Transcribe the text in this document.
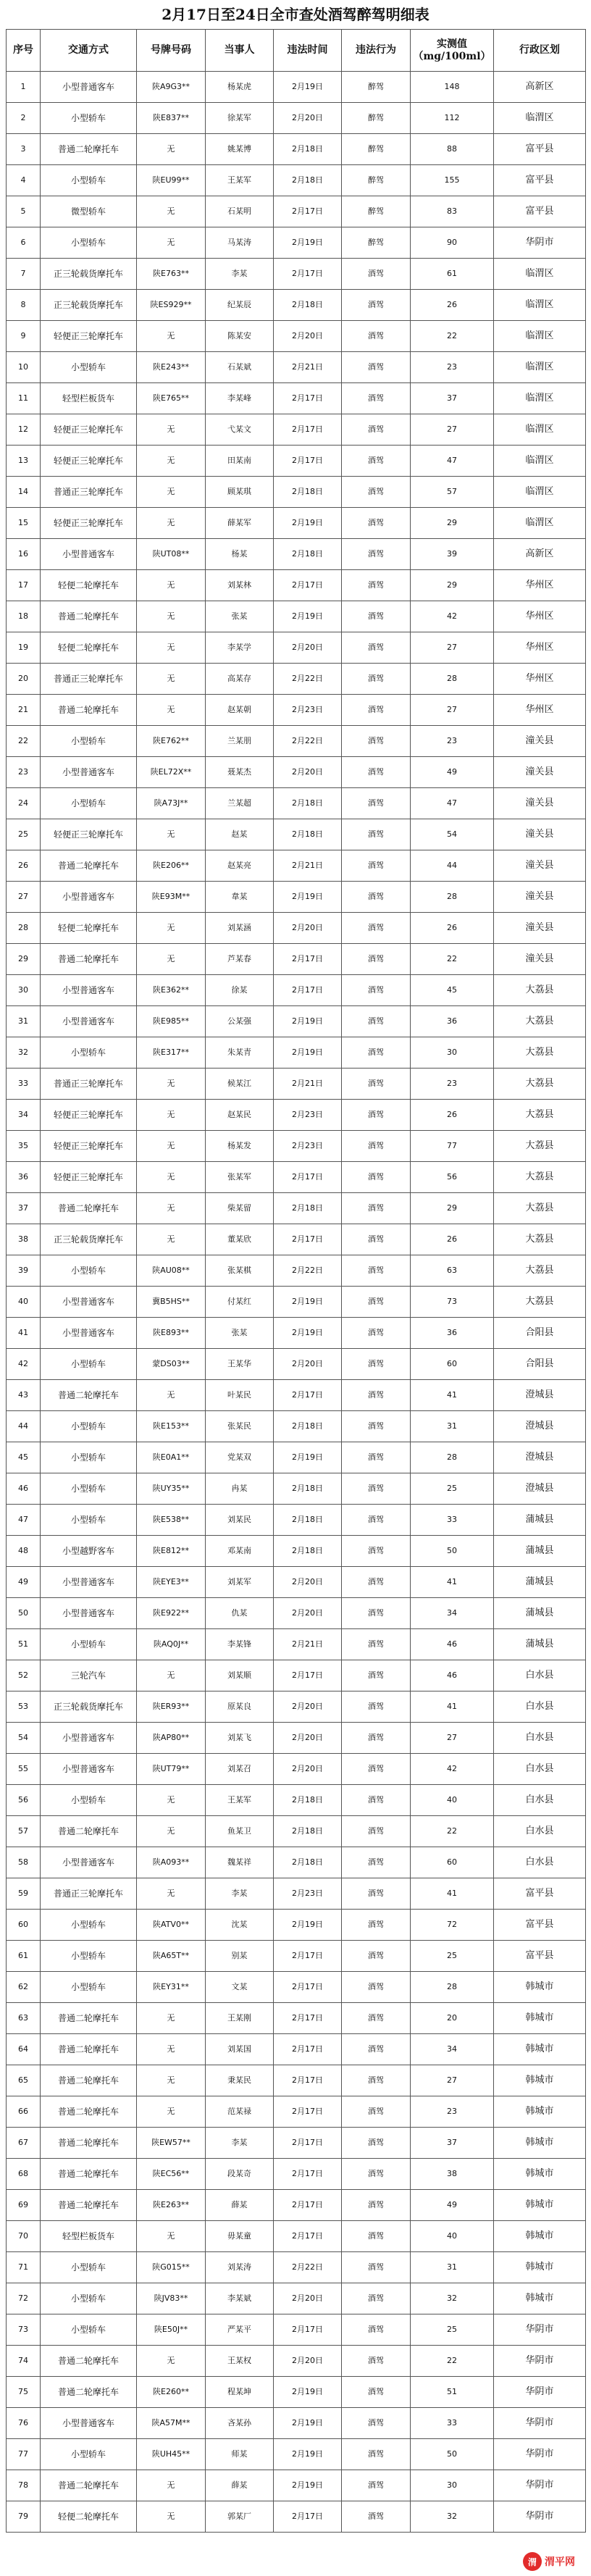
2月17日至24日全市查处酒驾醉驾明细表
序号	交通方式	号牌号码	当事人	违法时间	违法行为	实测值（mg/100ml）	行政区划
1	小型普通客车	陕A9G3**	杨某虎	2月19日	醉驾	148	高新区
2	小型轿车	陕E837**	徐某军	2月20日	醉驾	112	临渭区
3	普通二轮摩托车	无	姚某博	2月18日	醉驾	88	富平县
4	小型轿车	陕EU99**	王某军	2月18日	醉驾	155	富平县
5	微型轿车	无	石某明	2月17日	醉驾	83	富平县
6	小型轿车	无	马某涛	2月19日	醉驾	90	华阴市
7	正三轮载货摩托车	陕E763**	李某	2月17日	酒驾	61	临渭区
8	正三轮载货摩托车	陕ES929**	纪某辰	2月18日	酒驾	26	临渭区
9	轻便正三轮摩托车	无	陈某安	2月20日	酒驾	22	临渭区
10	小型轿车	陕E243**	石某斌	2月21日	酒驾	23	临渭区
11	轻型栏板货车	陕E765**	李某峰	2月17日	酒驾	37	临渭区
12	轻便正三轮摩托车	无	弋某文	2月17日	酒驾	27	临渭区
13	轻便正三轮摩托车	无	田某南	2月17日	酒驾	47	临渭区
14	普通正三轮摩托车	无	顾某琪	2月18日	酒驾	57	临渭区
15	轻便正三轮摩托车	无	薛某军	2月19日	酒驾	29	临渭区
16	小型普通客车	陕UT08**	杨某	2月18日	酒驾	39	高新区
17	轻便二轮摩托车	无	刘某林	2月17日	酒驾	29	华州区
18	普通二轮摩托车	无	张某	2月19日	酒驾	42	华州区
19	轻便二轮摩托车	无	李某学	2月20日	酒驾	27	华州区
20	普通正三轮摩托车	无	高某存	2月22日	酒驾	28	华州区
21	普通二轮摩托车	无	赵某朝	2月23日	酒驾	27	华州区
22	小型轿车	陕E762**	兰某朋	2月22日	酒驾	23	潼关县
23	小型普通客车	陕EL72X**	聂某杰	2月20日	酒驾	49	潼关县
24	小型轿车	陕A73J**	兰某超	2月18日	酒驾	47	潼关县
25	轻便正三轮摩托车	无	赵某	2月18日	酒驾	54	潼关县
26	普通二轮摩托车	陕E206**	赵某亮	2月21日	酒驾	44	潼关县
27	小型普通客车	陕E93M**	韋某	2月19日	酒驾	28	潼关县
28	轻便二轮摩托车	无	刘某涵	2月20日	酒驾	26	潼关县
29	普通二轮摩托车	无	芦某春	2月17日	酒驾	22	潼关县
30	小型普通客车	陕E362**	徐某	2月17日	酒驾	45	大荔县
31	小型普通客车	陕E985**	公某强	2月19日	酒驾	36	大荔县
32	小型轿车	陕E317**	朱某青	2月19日	酒驾	30	大荔县
33	普通正三轮摩托车	无	候某江	2月21日	酒驾	23	大荔县
34	轻便正三轮摩托车	无	赵某民	2月23日	酒驾	26	大荔县
35	轻便正三轮摩托车	无	杨某发	2月23日	酒驾	77	大荔县
36	轻便正三轮摩托车	无	张某军	2月17日	酒驾	56	大荔县
37	普通二轮摩托车	无	柴某留	2月18日	酒驾	29	大荔县
38	正三轮载货摩托车	无	董某欣	2月17日	酒驾	26	大荔县
39	小型轿车	陕AU08**	张某棋	2月22日	酒驾	63	大荔县
40	小型普通客车	冀B5HS**	付某红	2月19日	酒驾	73	大荔县
41	小型普通客车	陕E893**	张某	2月19日	酒驾	36	合阳县
42	小型轿车	蒙DS03**	王某华	2月20日	酒驾	60	合阳县
43	普通二轮摩托车	无	叶某民	2月17日	酒驾	41	澄城县
44	小型轿车	陕E153**	张某民	2月18日	酒驾	31	澄城县
45	小型轿车	陕E0A1**	党某双	2月19日	酒驾	28	澄城县
46	小型轿车	陕UY35**	冉某	2月18日	酒驾	25	澄城县
47	小型轿车	陕E538**	刘某民	2月18日	酒驾	33	蒲城县
48	小型越野客车	陕E812**	邓某南	2月18日	酒驾	50	蒲城县
49	小型普通客车	陕EYE3**	刘某军	2月20日	酒驾	41	蒲城县
50	小型普通客车	陕E922**	仇某	2月20日	酒驾	34	蒲城县
51	小型轿车	陕AQ0J**	李某锋	2月21日	酒驾	46	蒲城县
52	三轮汽车	无	刘某顺	2月17日	酒驾	46	白水县
53	正三轮载货摩托车	陕ER93**	原某良	2月20日	酒驾	41	白水县
54	小型普通客车	陕AP80**	刘某飞	2月20日	酒驾	27	白水县
55	小型普通客车	陕UT79**	刘某召	2月20日	酒驾	42	白水县
56	小型轿车	无	王某军	2月18日	酒驾	40	白水县
57	普通二轮摩托车	无	鱼某卫	2月18日	酒驾	22	白水县
58	小型普通客车	陕A093**	魏某祥	2月18日	酒驾	60	白水县
59	普通正三轮摩托车	无	李某	2月23日	酒驾	41	富平县
60	小型轿车	陕ATV0**	沈某	2月19日	酒驾	72	富平县
61	小型轿车	陕A65T**	别某	2月17日	酒驾	25	富平县
62	小型轿车	陕EY31**	文某	2月17日	酒驾	28	韩城市
63	普通二轮摩托车	无	王某刚	2月17日	酒驾	20	韩城市
64	普通二轮摩托车	无	刘某国	2月17日	酒驾	34	韩城市
65	普通二轮摩托车	无	秉某民	2月17日	酒驾	27	韩城市
66	普通二轮摩托车	无	范某禄	2月17日	酒驾	23	韩城市
67	普通二轮摩托车	陕EW57**	李某	2月17日	酒驾	37	韩城市
68	普通二轮摩托车	陕EC56**	段某奇	2月17日	酒驾	38	韩城市
69	普通二轮摩托车	陕E263**	薛某	2月17日	酒驾	49	韩城市
70	轻型栏板货车	无	毋某童	2月17日	酒驾	40	韩城市
71	小型轿车	陕G015**	刘某涛	2月22日	酒驾	31	韩城市
72	小型轿车	陕JV83**	李某斌	2月20日	酒驾	32	韩城市
73	小型轿车	陕E50J**	严某平	2月17日	酒驾	25	华阴市
74	普通二轮摩托车	无	王某权	2月20日	酒驾	22	华阴市
75	普通二轮摩托车	陕E260**	程某坤	2月19日	酒驾	51	华阴市
76	小型普通客车	陕A57M**	吝某孙	2月19日	酒驾	33	华阴市
77	小型轿车	陕UH45**	师某	2月19日	酒驾	50	华阴市
78	普通二轮摩托车	无	薛某	2月19日	酒驾	30	华阴市
79	轻便二轮摩托车	无	郭某厂	2月17日	酒驾	32	华阴市
渭 渭平网
